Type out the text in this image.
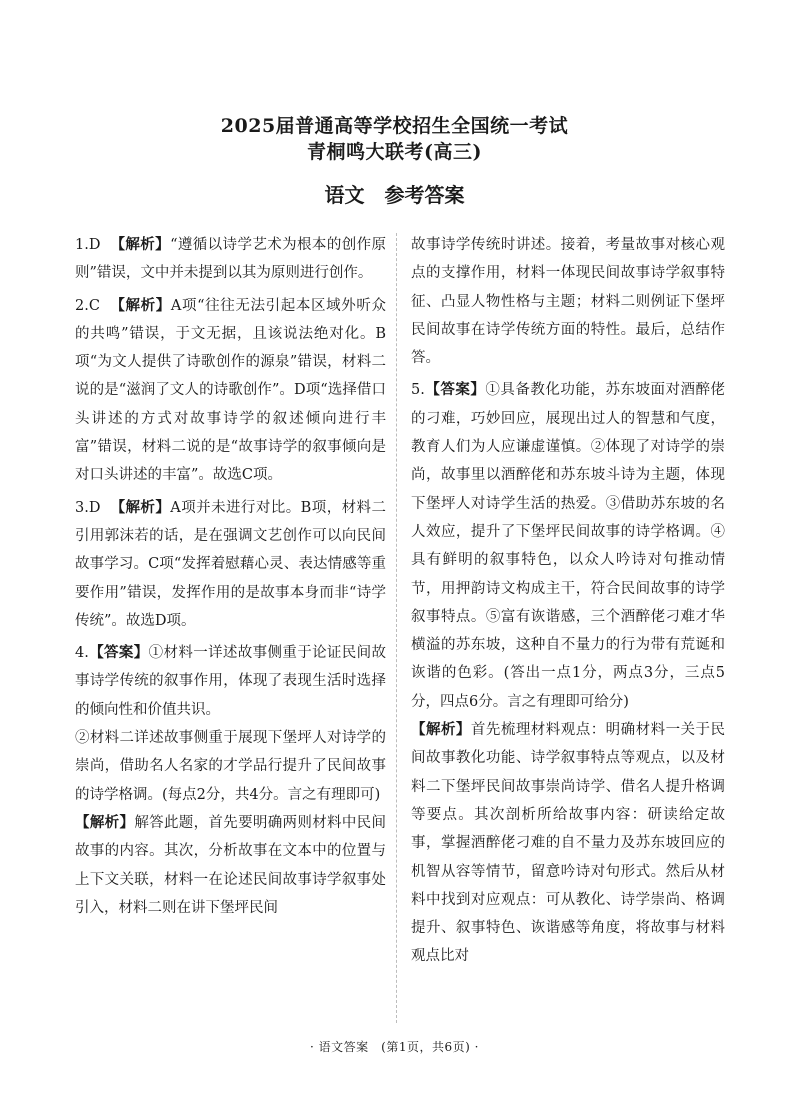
2025届普通高等学校招生全国统一考试
青桐鸣大联考(高三)
语文　参考答案

1.D 【解析】“遵循以诗学艺术为根本的创作原则”错误，文中并未提到以其为原则进行创作。

2.C 【解析】A项“往往无法引起本区域外听众的共鸣”错误，于文无据，且该说法绝对化。B项“为文人提供了诗歌创作的源泉”错误，材料二说的是“滋润了文人的诗歌创作”。D项“选择借口头讲述的方式对故事诗学的叙述倾向进行丰富”错误，材料二说的是“故事诗学的叙事倾向是对口头讲述的丰富”。故选C项。

3.D 【解析】A项并未进行对比。B项，材料二引用郭沫若的话，是在强调文艺创作可以向民间故事学习。C项“发挥着慰藉心灵、表达情感等重要作用”错误，发挥作用的是故事本身而非“诗学传统”。故选D项。

4.【答案】①材料一详述故事侧重于论证民间故事诗学传统的叙事作用，体现了表现生活时选择的倾向性和价值共识。

②材料二详述故事侧重于展现下堡坪人对诗学的崇尚，借助名人名家的才学品行提升了民间故事的诗学格调。(每点2分，共4分。言之有理即可)

【解析】解答此题，首先要明确两则材料中民间故事的内容。其次，分析故事在文本中的位置与上下文关联，材料一在论述民间故事诗学叙事处引入，材料二则在讲下堡坪民间

故事诗学传统时讲述。接着，考量故事对核心观点的支撑作用，材料一体现民间故事诗学叙事特征、凸显人物性格与主题；材料二则例证下堡坪民间故事在诗学传统方面的特性。最后，总结作答。

5.【答案】①具备教化功能，苏东坡面对酒醉佬的刁难，巧妙回应，展现出过人的智慧和气度，教育人们为人应谦虚谨慎。②体现了对诗学的崇尚，故事里以酒醉佬和苏东坡斗诗为主题，体现下堡坪人对诗学生活的热爱。③借助苏东坡的名人效应，提升了下堡坪民间故事的诗学格调。④具有鲜明的叙事特色，以众人吟诗对句推动情节，用押韵诗文构成主干，符合民间故事的诗学叙事特点。⑤富有诙谐感，三个酒醉佬刁难才华横溢的苏东坡，这种自不量力的行为带有荒诞和诙谐的色彩。(答出一点1分，两点3分，三点5分，四点6分。言之有理即可给分)

【解析】首先梳理材料观点：明确材料一关于民间故事教化功能、诗学叙事特点等观点，以及材料二下堡坪民间故事崇尚诗学、借名人提升格调等要点。其次剖析所给故事内容：研读给定故事，掌握酒醉佬刁难的自不量力及苏东坡回应的机智从容等情节，留意吟诗对句形式。然后从材料中找到对应观点：可从教化、诗学崇尚、格调提升、叙事特色、诙谐感等角度，将故事与材料观点比对

· 语文答案　(第1页，共6页) ·
